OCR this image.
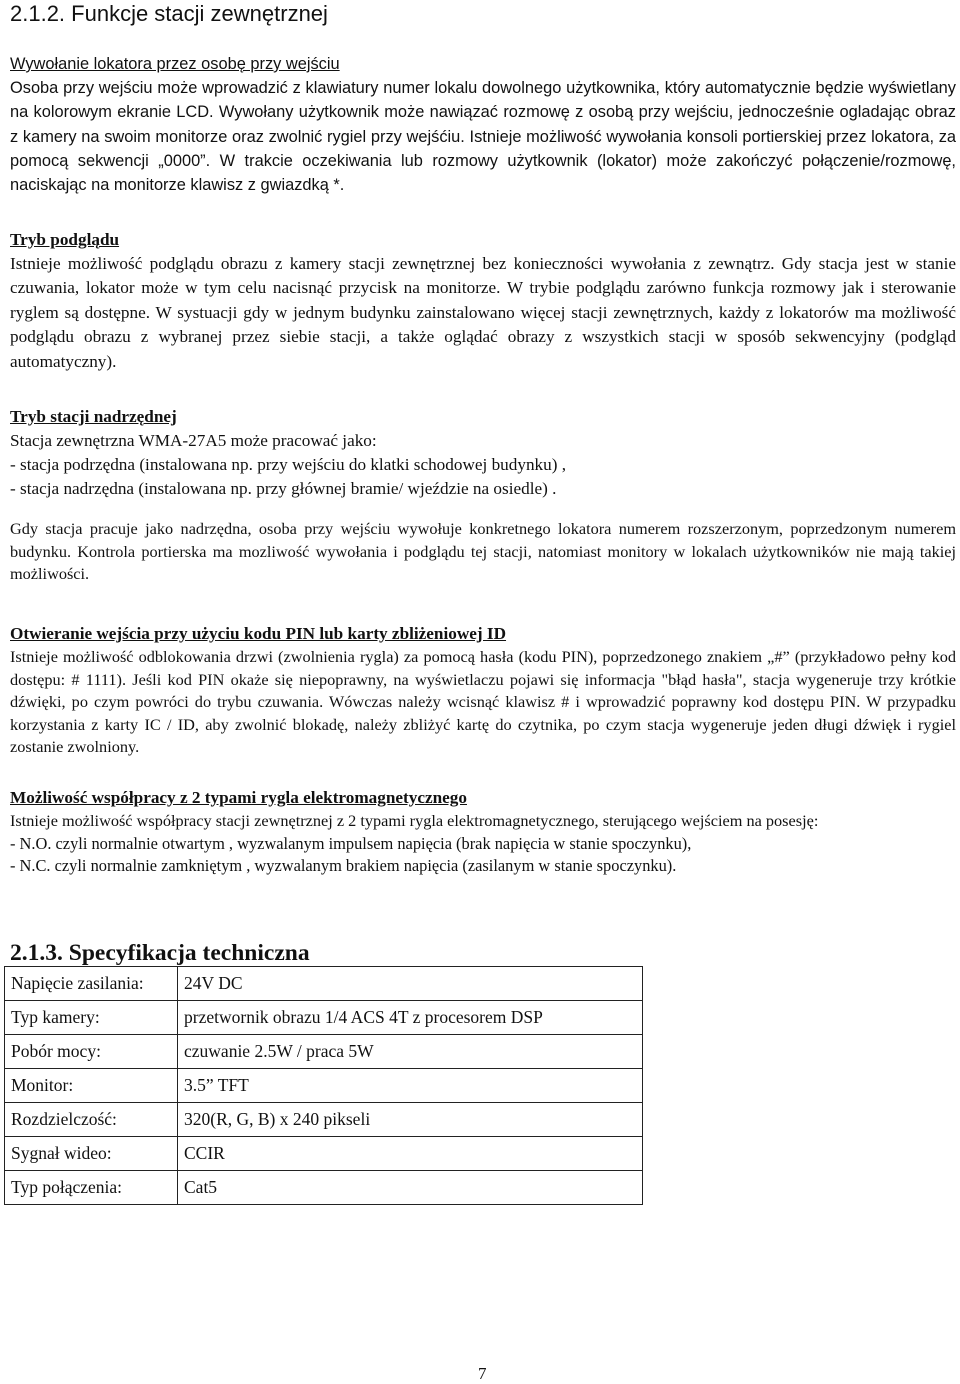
2.1.2. Funkcje stacji zewnętrznej

Wywołanie lokatora przez osobę przy wejściu

Osoba przy wejściu może wprowadzić z klawiatury numer lokalu dowolnego użytkownika, który automatycznie będzie wyświetlany na kolorowym ekranie LCD. Wywołany użytkownik może nawiązać rozmowę z osobą przy wejściu, jednocześnie ogladając obraz z kamery na swoim monitorze oraz zwolnić rygiel przy wejśćiu. Istnieje możliwość wywołania konsoli portierskiej przez lokatora, za pomocą sekwencji „0000”. W trakcie oczekiwania lub rozmowy użytkownik (lokator) może zakończyć połączenie/rozmowę, naciskając na monitorze klawisz z gwiazdką *.

Tryb podglądu

Istnieje możliwość podglądu obrazu z kamery stacji zewnętrznej bez konieczności wywołania z zewnątrz. Gdy stacja jest w stanie czuwania, lokator może w tym celu nacisnąć przycisk na monitorze. W trybie podglądu zarówno funkcja rozmowy jak i sterowanie ryglem są dostępne. W systuacji gdy w jednym budynku zainstalowano więcej stacji zewnętrznych, każdy z lokatorów ma możliwość podglądu obrazu z wybranej przez siebie stacji, a także oglądać obrazy z wszystkich stacji w sposób sekwencyjny (podgląd automatyczny).

Tryb stacji nadrzędnej

Stacja zewnętrzna WMA-27A5 może pracować jako:

- stacja podrzędna (instalowana np. przy wejściu do klatki schodowej budynku) ,

- stacja nadrzędna (instalowana np. przy głównej bramie/ wjeździe na osiedle) .

Gdy stacja pracuje jako nadrzędna, osoba przy wejściu wywołuje konkretnego lokatora numerem rozszerzonym, poprzedzonym numerem budynku. Kontrola portierska ma mozliwość wywołania i podglądu tej stacji, natomiast monitory w lokalach użytkowników nie mają takiej możliwości.

Otwieranie wejścia przy użyciu kodu PIN lub karty zbliżeniowej ID

Istnieje możliwość odblokowania drzwi (zwolnienia rygla) za pomocą hasła (kodu PIN), poprzedzonego znakiem „#” (przykładowo pełny kod dostępu: # 1111). Jeśli kod PIN okaże się niepoprawny, na wyświetlaczu pojawi się informacja "błąd hasła", stacja wygeneruje trzy krótkie dźwięki, po czym powróci do trybu czuwania. Wówczas należy wcisnąć klawisz # i wprowadzić poprawny kod dostępu PIN. W przypadku korzystania z karty IC / ID, aby zwolnić blokadę, należy zbliżyć kartę do czytnika, po czym stacja wygeneruje jeden długi dźwięk i rygiel zostanie zwolniony.

Możliwość współpracy z 2 typami rygla elektromagnetycznego

Istnieje możliwość współpracy stacji zewnętrznej z 2 typami rygla elektromagnetycznego, sterującego wejściem na posesję:

- N.O. czyli normalnie otwartym , wyzwalanym impulsem napięcia (brak napięcia w stanie spoczynku),

- N.C. czyli normalnie zamkniętym , wyzwalanym brakiem napięcia (zasilanym w stanie spoczynku).

2.1.3. Specyfikacja techniczna
Napięcie zasilania:	24V DC
Typ kamery:	przetwornik obrazu 1/4 ACS 4T z procesorem DSP
Pobór mocy:	czuwanie 2.5W / praca 5W
Monitor:	3.5” TFT
Rozdzielczość:	320(R, G, B) x 240 pikseli
Sygnał wideo:	CCIR
Typ połączenia:	Cat5
7
